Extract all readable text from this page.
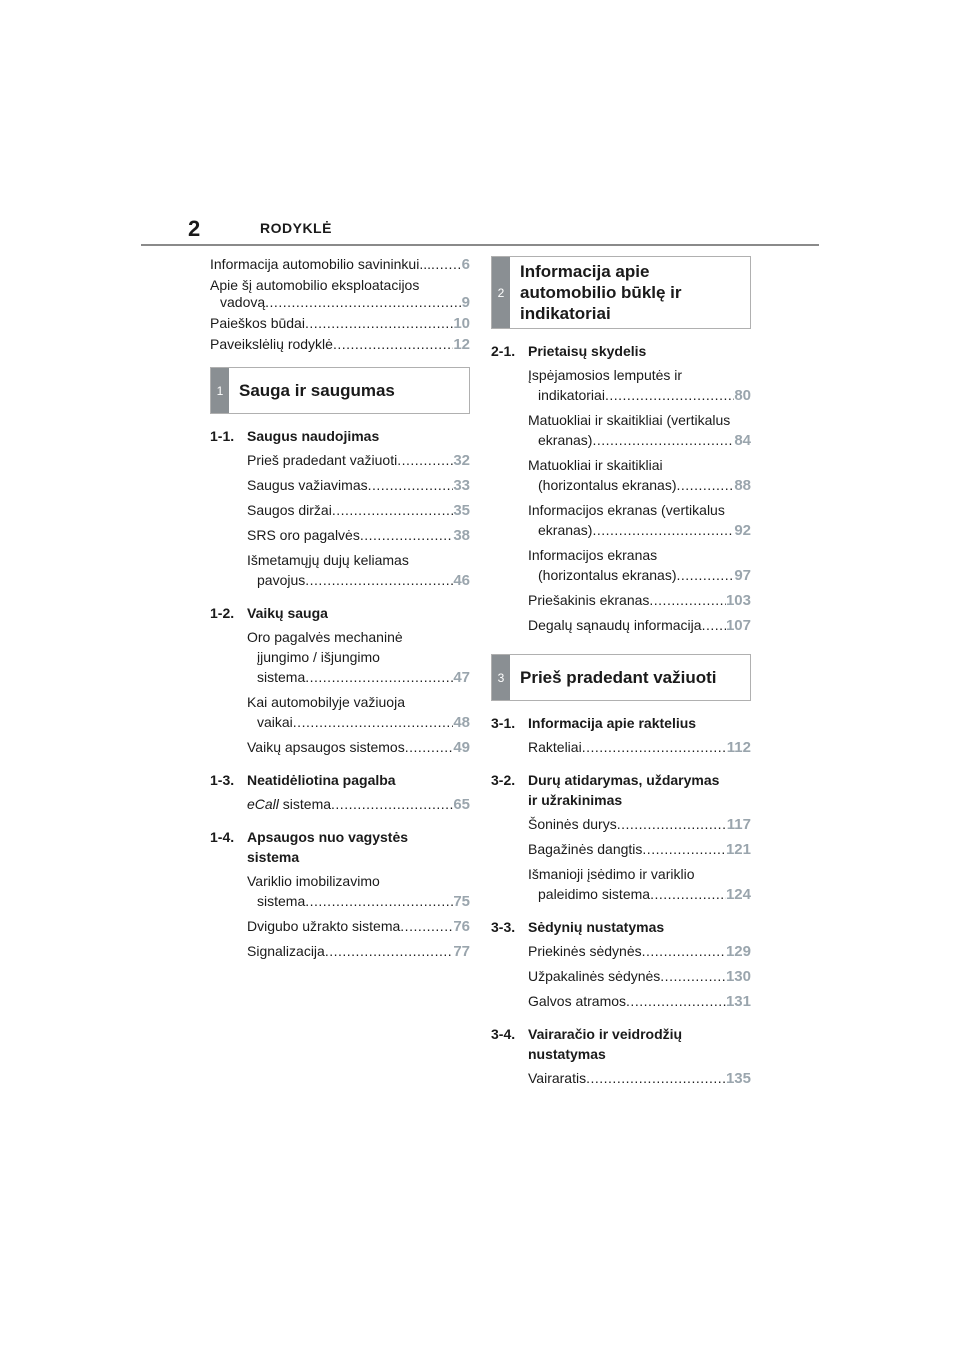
2	RODYKLĖ
Informacija automobilio savininkui... ..... 6
Apie šį automobilio eksploatacijos
vadovą .....	9
Paieškos būdai .....	10
Paveikslėlių rodyklė .....	12
1 Sauga ir saugumas
1-1. Saugus naudojimas
Prieš pradedant važiuoti .....	32
Saugus važiavimas .....	33
Saugos diržai .....	35
SRS oro pagalvės .....	38
Išmetamųjų dujų keliamas
pavojus .....	46
1-2. Vaikų sauga
Oro pagalvės mechaninė
įjungimo / išjungimo
sistema .....	47
Kai automobilyje važiuoja
vaikai .....	48
Vaikų apsaugos sistemos .....	49
1-3. Neatidėliotina pagalba
eCall sistema .....	65
1-4. Apsaugos nuo vagystės
sistema
Variklio imobilizavimo
sistema .....	75
Dvigubo užrakto sistema .....	76
Signalizacija .....	77
2
Informacija apie
automobilio būklę ir
indikatoriai
2-1. Prietaisų skydelis
Įspėjamosios lemputės ir
indikatoriai .....	80
Matuokliai ir skaitikliai (vertikalus
ekranas) .....	84
Matuokliai ir skaitikliai
(horizontalus ekranas) .....	88
Informacijos ekranas (vertikalus
ekranas) .....	92
Informacijos ekranas
(horizontalus ekranas) .....	97
Priešakinis ekranas .....	103
Degalų sąnaudų informacija ..... 107
3 Prieš pradedant važiuoti
3-1. Informacija apie raktelius
Rakteliai .....	112
3-2. Durų atidarymas, uždarymas
ir užrakinimas
Šoninės durys .....	117
Bagažinės dangtis .....	121
Išmanioji įsėdimo ir variklio
paleidimo sistema .....	124
3-3. Sėdynių nustatymas
Priekinės sėdynės .....	129
Užpakalinės sėdynės .....	130
Galvos atramos .....	131
3-4. Vairaračio ir veidrodžių
nustatymas
Vairaratis .....	135
